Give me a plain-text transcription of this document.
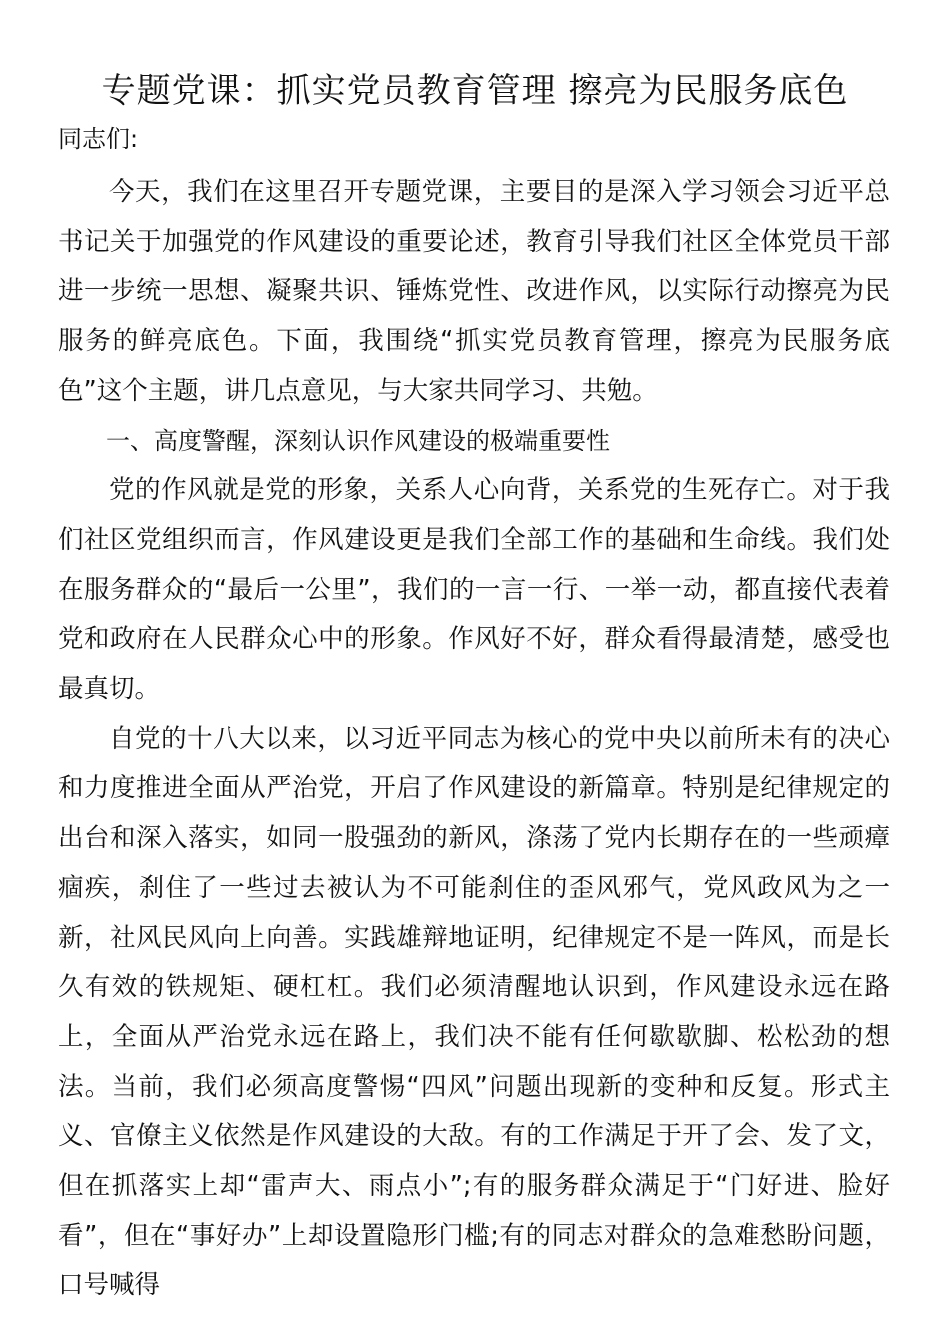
专题党课：抓实党员教育管理 擦亮为民服务底色
同志们:

今天，我们在这里召开专题党课，主要目的是深入学习领会习近平总书记关于加强党的作风建设的重要论述，教育引导我们社区全体党员干部进一步统一思想、凝聚共识、锤炼党性、改进作风，以实际行动擦亮为民服务的鲜亮底色。下面，我围绕“抓实党员教育管理，擦亮为民服务底色”这个主题，讲几点意见，与大家共同学习、共勉。

一、高度警醒，深刻认识作风建设的极端重要性

党的作风就是党的形象，关系人心向背，关系党的生死存亡。对于我们社区党组织而言，作风建设更是我们全部工作的基础和生命线。我们处在服务群众的“最后一公里”，我们的一言一行、一举一动，都直接代表着党和政府在人民群众心中的形象。作风好不好，群众看得最清楚，感受也最真切。

自党的十八大以来，以习近平同志为核心的党中央以前所未有的决心和力度推进全面从严治党，开启了作风建设的新篇章。特别是纪律规定的出台和深入落实，如同一股强劲的新风，涤荡了党内长期存在的一些顽瘴痼疾，刹住了一些过去被认为不可能刹住的歪风邪气，党风政风为之一新，社风民风向上向善。实践雄辩地证明，纪律规定不是一阵风，而是长久有效的铁规矩、硬杠杠。我们必须清醒地认识到，作风建设永远在路上，全面从严治党永远在路上，我们决不能有任何歇歇脚、松松劲的想法。当前，我们必须高度警惕“四风”问题出现新的变种和反复。形式主义、官僚主义依然是作风建设的大敌。有的工作满足于开了会、发了文，但在抓落实上却“雷声大、雨点小”;有的服务群众满足于“门好进、脸好看”，但在“事好办”上却设置隐形门槛;有的同志对群众的急难愁盼问题，口号喊得
